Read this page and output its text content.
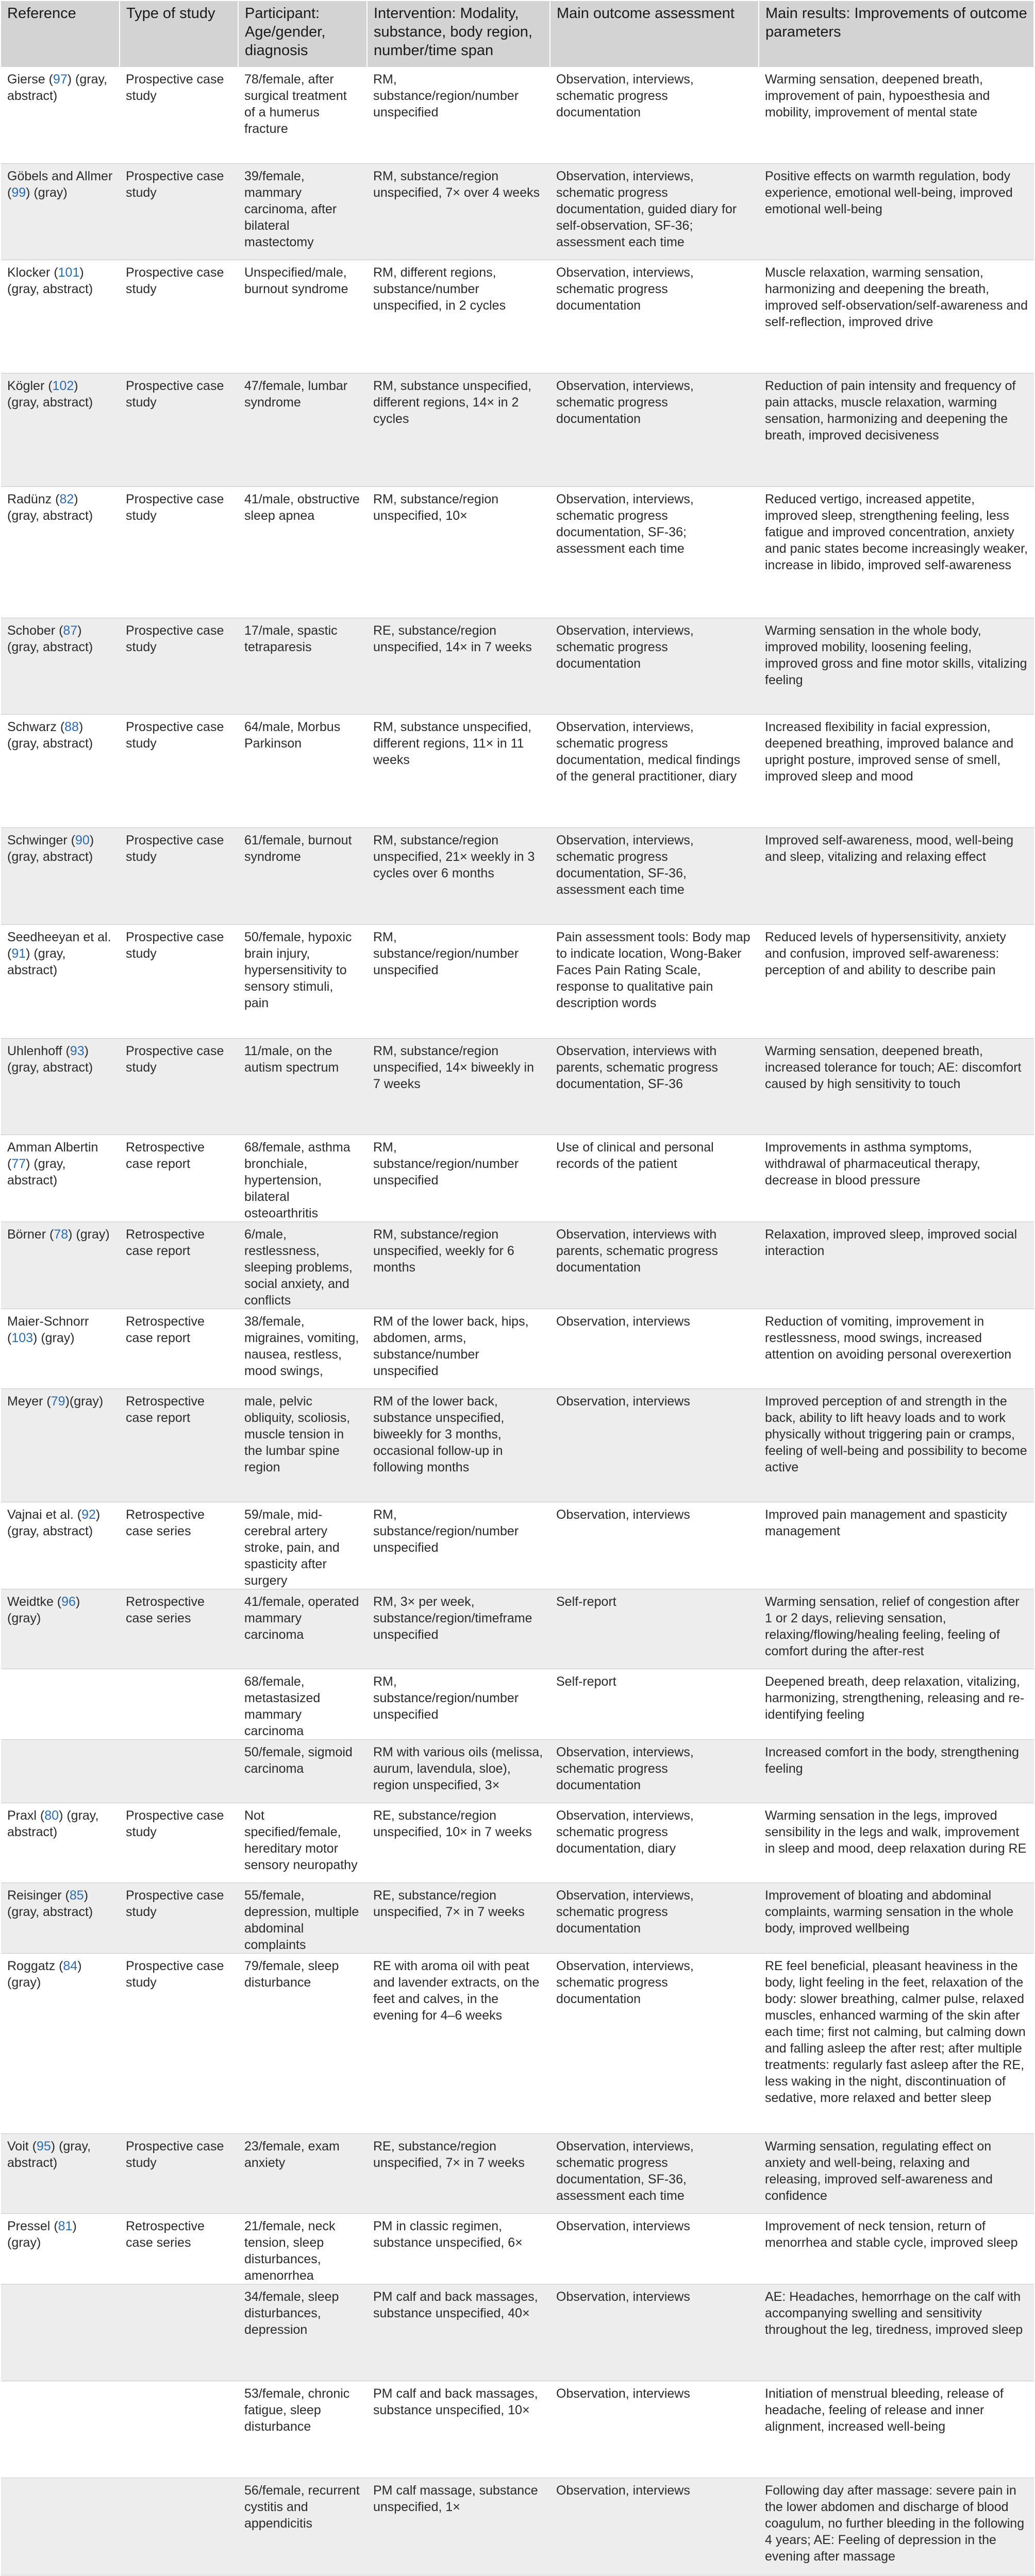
Reference	Type of study	Participant: Age/gender, diagnosis	Intervention: Modality, substance, body region, number/time span	Main outcome assessment	Main results: Improvements of outcome parameters
Gierse (97) (gray, abstract)	Prospective case study	78/female, after surgical treatment of a humerus fracture	RM, substance/region/number unspecified	Observation, interviews, schematic progress documentation	Warming sensation, deepened breath, improvement of pain, hypoesthesia and mobility, improvement of mental state
Göbels and Allmer (99) (gray)	Prospective case study	39/female, mammary carcinoma, after bilateral mastectomy	RM, substance/region unspecified, 7× over 4 weeks	Observation, interviews, schematic progress documentation, guided diary for self-observation, SF-36; assessment each time	Positive effects on warmth regulation, body experience, emotional well-being, improved emotional well-being
Klocker (101) (gray, abstract)	Prospective case study	Unspecified/male, burnout syndrome	RM, different regions, substance/number unspecified, in 2 cycles	Observation, interviews, schematic progress documentation	Muscle relaxation, warming sensation, harmonizing and deepening the breath, improved self-observation/self-awareness and self-reflection, improved drive
Kögler (102) (gray, abstract)	Prospective case study	47/female, lumbar syndrome	RM, substance unspecified, different regions, 14× in 2 cycles	Observation, interviews, schematic progress documentation	Reduction of pain intensity and frequency of pain attacks, muscle relaxation, warming sensation, harmonizing and deepening the breath, improved decisiveness
Radünz (82) (gray, abstract)	Prospective case study	41/male, obstructive sleep apnea	RM, substance/region unspecified, 10×	Observation, interviews, schematic progress documentation, SF-36; assessment each time	Reduced vertigo, increased appetite, improved sleep, strengthening feeling, less fatigue and improved concentration, anxiety and panic states become increasingly weaker, increase in libido, improved self-awareness
Schober (87) (gray, abstract)	Prospective case study	17/male, spastic tetraparesis	RE, substance/region unspecified, 14× in 7 weeks	Observation, interviews, schematic progress documentation	Warming sensation in the whole body, improved mobility, loosening feeling, improved gross and fine motor skills, vitalizing feeling
Schwarz (88) (gray, abstract)	Prospective case study	64/male, Morbus Parkinson	RM, substance unspecified, different regions, 11× in 11 weeks	Observation, interviews, schematic progress documentation, medical findings of the general practitioner, diary	Increased flexibility in facial expression, deepened breathing, improved balance and upright posture, improved sense of smell, improved sleep and mood
Schwinger (90) (gray, abstract)	Prospective case study	61/female, burnout syndrome	RM, substance/region unspecified, 21× weekly in 3 cycles over 6 months	Observation, interviews, schematic progress documentation, SF-36, assessment each time	Improved self-awareness, mood, well-being and sleep, vitalizing and relaxing effect
Seedheeyan et al. (91) (gray, abstract)	Prospective case study	50/female, hypoxic brain injury, hypersensitivity to sensory stimuli, pain	RM, substance/region/number unspecified	Pain assessment tools: Body map to indicate location, Wong-Baker Faces Pain Rating Scale, response to qualitative pain description words	Reduced levels of hypersensitivity, anxiety and confusion, improved self-awareness: perception of and ability to describe pain
Uhlenhoff (93) (gray, abstract)	Prospective case study	11/male, on the autism spectrum	RM, substance/region unspecified, 14× biweekly in 7 weeks	Observation, interviews with parents, schematic progress documentation, SF-36	Warming sensation, deepened breath, increased tolerance for touch; AE: discomfort caused by high sensitivity to touch
Amman Albertin (77) (gray, abstract)	Retrospective case report	68/female, asthma bronchiale, hypertension, bilateral osteoarthritis	RM, substance/region/number unspecified	Use of clinical and personal records of the patient	Improvements in asthma symptoms, withdrawal of pharmaceutical therapy, decrease in blood pressure
Börner (78) (gray)	Retrospective case report	6/male, restlessness, sleeping problems, social anxiety, and conflicts	RM, substance/region unspecified, weekly for 6 months	Observation, interviews with parents, schematic progress documentation	Relaxation, improved sleep, improved social interaction
Maier-Schnorr (103) (gray)	Retrospective case report	38/female, migraines, vomiting, nausea, restless, mood swings,	RM of the lower back, hips, abdomen, arms, substance/number unspecified	Observation, interviews	Reduction of vomiting, improvement in restlessness, mood swings, increased attention on avoiding personal overexertion
Meyer (79)(gray)	Retrospective case report	male, pelvic obliquity, scoliosis, muscle tension in the lumbar spine region	RM of the lower back, substance unspecified, biweekly for 3 months, occasional follow-up in following months	Observation, interviews	Improved perception of and strength in the back, ability to lift heavy loads and to work physically without triggering pain or cramps, feeling of well-being and possibility to become active
Vajnai et al. (92) (gray, abstract)	Retrospective case series	59/male, mid-cerebral artery stroke, pain, and spasticity after surgery	RM, substance/region/number unspecified	Observation, interviews	Improved pain management and spasticity management
Weidtke (96) (gray)	Retrospective case series	41/female, operated mammary carcinoma	RM, 3× per week, substance/region/timeframe unspecified	Self-report	Warming sensation, relief of congestion after 1 or 2 days, relieving sensation, relaxing/flowing/healing feeling, feeling of comfort during the after-rest
		68/female, metastasized mammary carcinoma	RM, substance/region/number unspecified	Self-report	Deepened breath, deep relaxation, vitalizing, harmonizing, strengthening, releasing and re-identifying feeling
		50/female, sigmoid carcinoma	RM with various oils (melissa, aurum, lavendula, sloe), region unspecified, 3×	Observation, interviews, schematic progress documentation	Increased comfort in the body, strengthening feeling
Praxl (80) (gray, abstract)	Prospective case study	Not specified/female, hereditary motor sensory neuropathy	RE, substance/region unspecified, 10× in 7 weeks	Observation, interviews, schematic progress documentation, diary	Warming sensation in the legs, improved sensibility in the legs and walk, improvement in sleep and mood, deep relaxation during RE
Reisinger (85) (gray, abstract)	Prospective case study	55/female, depression, multiple abdominal complaints	RE, substance/region unspecified, 7× in 7 weeks	Observation, interviews, schematic progress documentation	Improvement of bloating and abdominal complaints, warming sensation in the whole body, improved wellbeing
Roggatz (84) (gray)	Prospective case study	79/female, sleep disturbance	RE with aroma oil with peat and lavender extracts, on the feet and calves, in the evening for 4–6 weeks	Observation, interviews, schematic progress documentation	RE feel beneficial, pleasant heaviness in the body, light feeling in the feet, relaxation of the body: slower breathing, calmer pulse, relaxed muscles, enhanced warming of the skin after each time; first not calming, but calming down and falling asleep the after rest; after multiple treatments: regularly fast asleep after the RE, less waking in the night, discontinuation of sedative, more relaxed and better sleep
Voit (95) (gray, abstract)	Prospective case study	23/female, exam anxiety	RE, substance/region unspecified, 7× in 7 weeks	Observation, interviews, schematic progress documentation, SF-36, assessment each time	Warming sensation, regulating effect on anxiety and well-being, relaxing and releasing, improved self-awareness and confidence
Pressel (81) (gray)	Retrospective case series	21/female, neck tension, sleep disturbances, amenorrhea	PM in classic regimen, substance unspecified, 6×	Observation, interviews	Improvement of neck tension, return of menorrhea and stable cycle, improved sleep
		34/female, sleep disturbances, depression	PM calf and back massages, substance unspecified, 40×	Observation, interviews	AE: Headaches, hemorrhage on the calf with accompanying swelling and sensitivity throughout the leg, tiredness, improved sleep
		53/female, chronic fatigue, sleep disturbance	PM calf and back massages, substance unspecified, 10×	Observation, interviews	Initiation of menstrual bleeding, release of headache, feeling of release and inner alignment, increased well-being
		56/female, recurrent cystitis and appendicitis	PM calf massage, substance unspecified, 1×	Observation, interviews	Following day after massage: severe pain in the lower abdomen and discharge of blood coagulum, no further bleeding in the following 4 years; AE: Feeling of depression in the evening after massage
